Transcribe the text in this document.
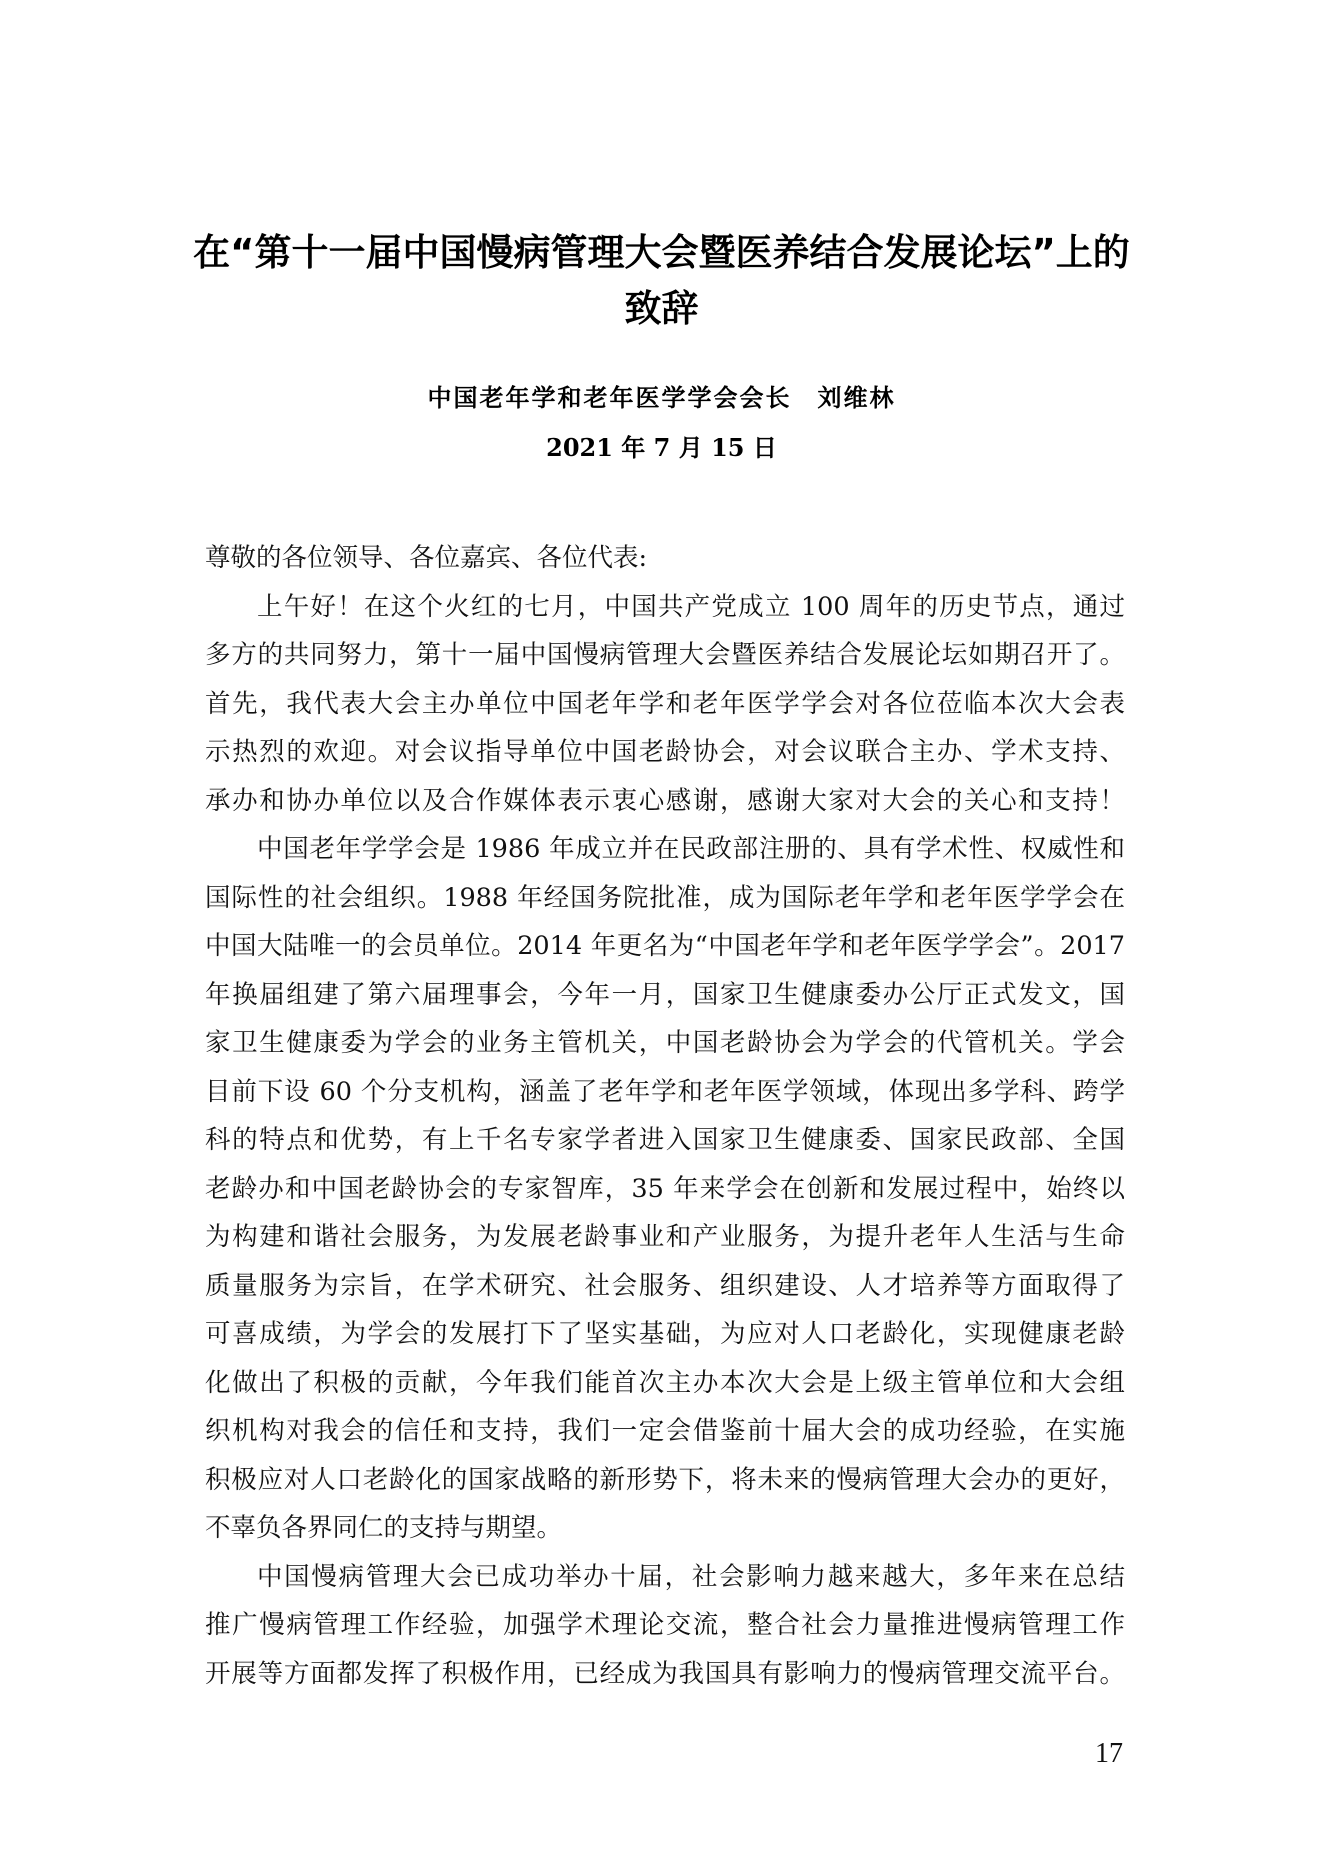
在“第十一届中国慢病管理大会暨医养结合发展论坛”上的
致辞
中国老年学和老年医学学会会长　刘维林
2021 年 7 月 15 日
尊敬的各位领导、各位嘉宾、各位代表:
上午好！在这个火红的七月，中国共产党成立 100 周年的历史节点，通过
多方的共同努力，第十一届中国慢病管理大会暨医养结合发展论坛如期召开了。
首先，我代表大会主办单位中国老年学和老年医学学会对各位莅临本次大会表
示热烈的欢迎。对会议指导单位中国老龄协会，对会议联合主办、学术支持、
承办和协办单位以及合作媒体表示衷心感谢，感谢大家对大会的关心和支持！
中国老年学学会是 1986 年成立并在民政部注册的、具有学术性、权威性和
国际性的社会组织。1988 年经国务院批准，成为国际老年学和老年医学学会在
中国大陆唯一的会员单位。2014 年更名为“中国老年学和老年医学学会”。2017
年换届组建了第六届理事会，今年一月，国家卫生健康委办公厅正式发文，国
家卫生健康委为学会的业务主管机关，中国老龄协会为学会的代管机关。学会
目前下设 60 个分支机构，涵盖了老年学和老年医学领域，体现出多学科、跨学
科的特点和优势，有上千名专家学者进入国家卫生健康委、国家民政部、全国
老龄办和中国老龄协会的专家智库，35 年来学会在创新和发展过程中，始终以
为构建和谐社会服务，为发展老龄事业和产业服务，为提升老年人生活与生命
质量服务为宗旨，在学术研究、社会服务、组织建设、人才培养等方面取得了
可喜成绩，为学会的发展打下了坚实基础，为应对人口老龄化，实现健康老龄
化做出了积极的贡献，今年我们能首次主办本次大会是上级主管单位和大会组
织机构对我会的信任和支持，我们一定会借鉴前十届大会的成功经验，在实施
积极应对人口老龄化的国家战略的新形势下，将未来的慢病管理大会办的更好，
不辜负各界同仁的支持与期望。
中国慢病管理大会已成功举办十届，社会影响力越来越大，多年来在总结
推广慢病管理工作经验，加强学术理论交流，整合社会力量推进慢病管理工作
开展等方面都发挥了积极作用，已经成为我国具有影响力的慢病管理交流平台。
17
